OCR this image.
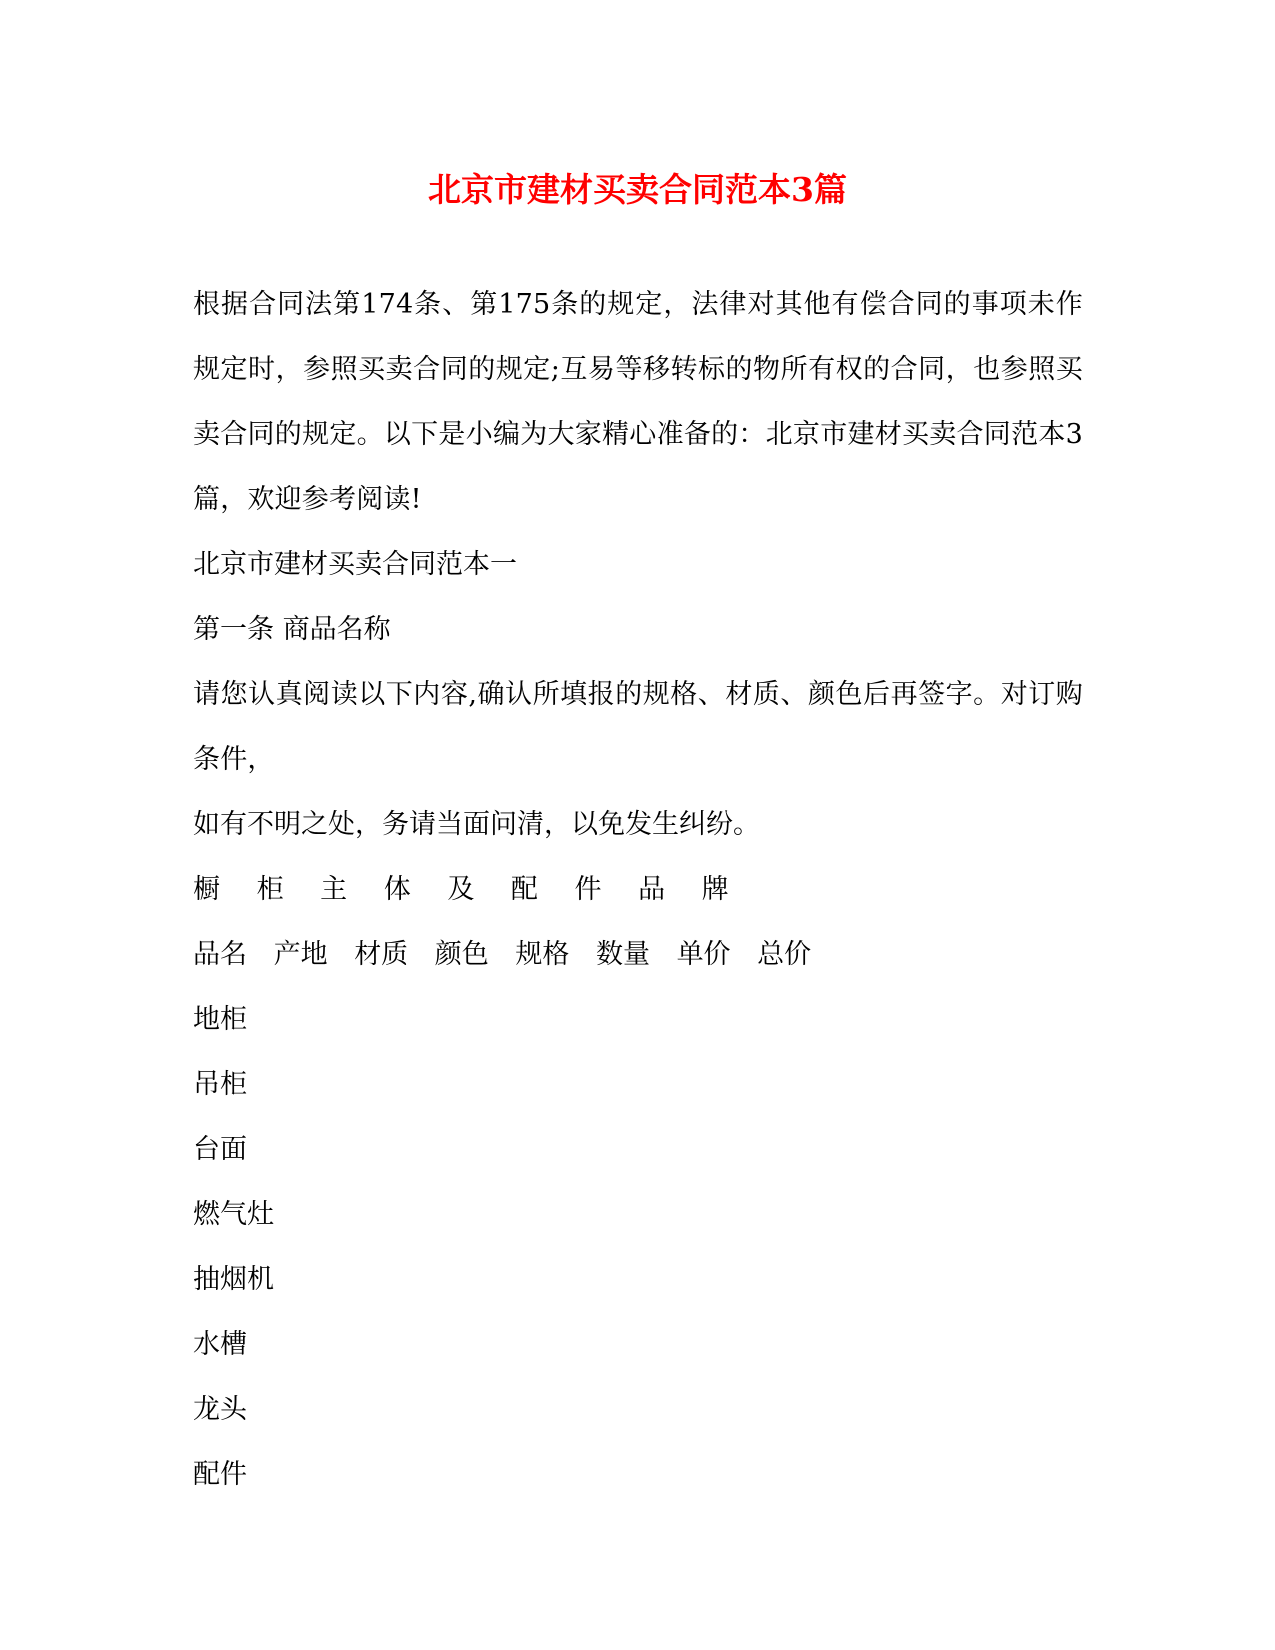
北京市建材买卖合同范本3篇

根据合同法第174条、第175条的规定，法律对其他有偿合同的事项未作规定时，参照买卖合同的规定;互易等移转标的物所有权的合同，也参照买卖合同的规定。以下是小编为大家精心准备的：北京市建材买卖合同范本3篇，欢迎参考阅读!

北京市建材买卖合同范本一

第一条 商品名称

请您认真阅读以下内容,确认所填报的规格、材质、颜色后再签字。对订购条件，

如有不明之处，务请当面问清，以免发生纠纷。

橱 柜 主 体 及 配 件 品 牌

品名 产地 材质 颜色 规格 数量 单价 总价

地柜

吊柜

台面

燃气灶

抽烟机

水槽

龙头

配件
